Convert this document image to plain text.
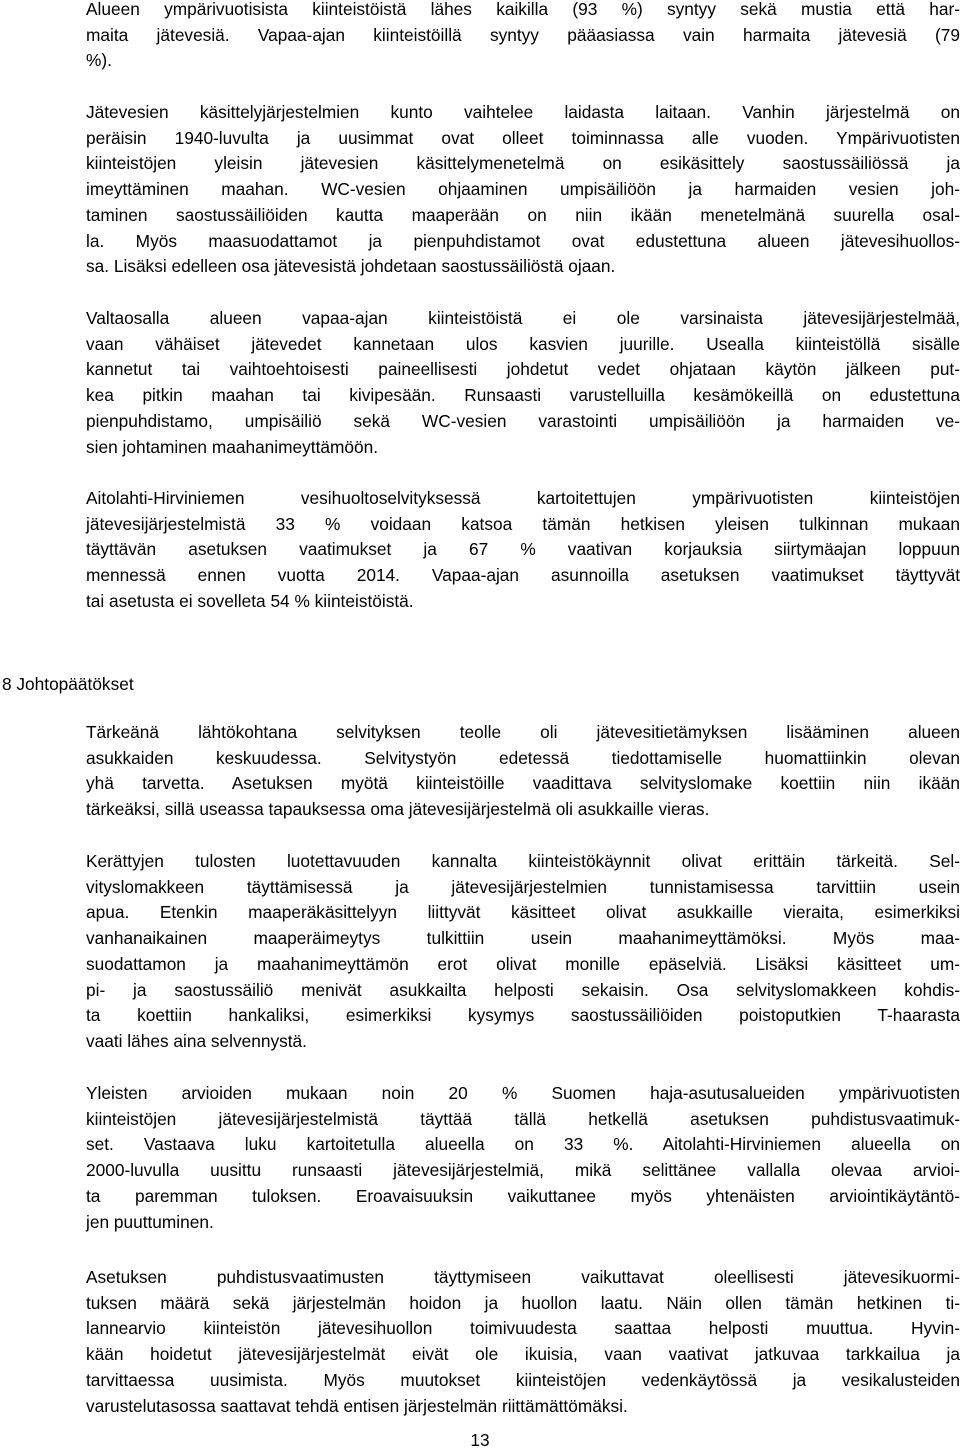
Alueen ympärivuotisista kiinteistöistä lähes kaikilla (93 %) syntyy sekä mustia että har-
maita jätevesiä. Vapaa-ajan kiinteistöillä syntyy pääasiassa vain harmaita jätevesiä (79
%).
Jätevesien käsittelyjärjestelmien kunto vaihtelee laidasta laitaan. Vanhin järjestelmä on
peräisin 1940-luvulta ja uusimmat ovat olleet toiminnassa alle vuoden. Ympärivuotisten
kiinteistöjen yleisin jätevesien käsittelymenetelmä on esikäsittely saostussäiliössä ja
imeyttäminen maahan. WC-vesien ohjaaminen umpisäiliöön ja harmaiden vesien joh-
taminen saostussäiliöiden kautta maaperään on niin ikään menetelmänä suurella osal-
la. Myös maasuodattamot ja pienpuhdistamot ovat edustettuna alueen jätevesihuollos-
sa. Lisäksi edelleen osa jätevesistä johdetaan saostussäiliöstä ojaan.
Valtaosalla alueen vapaa-ajan kiinteistöistä ei ole varsinaista jätevesijärjestelmää,
vaan vähäiset jätevedet kannetaan ulos kasvien juurille. Usealla kiinteistöllä sisälle
kannetut tai vaihtoehtoisesti paineellisesti johdetut vedet ohjataan käytön jälkeen put-
kea pitkin maahan tai kivipesään. Runsaasti varustelluilla kesämökeillä on edustettuna
pienpuhdistamo, umpisäiliö sekä WC-vesien varastointi umpisäiliöön ja harmaiden ve-
sien johtaminen maahanimeyttämöön.
Aitolahti-Hirviniemen vesihuoltoselvityksessä kartoitettujen ympärivuotisten kiinteistöjen
jätevesijärjestelmistä 33 % voidaan katsoa tämän hetkisen yleisen tulkinnan mukaan
täyttävän asetuksen vaatimukset ja 67 % vaativan korjauksia siirtymäajan loppuun
mennessä ennen vuotta 2014. Vapaa-ajan asunnoilla asetuksen vaatimukset täyttyvät
tai asetusta ei sovelleta 54 % kiinteistöistä.
8 Johtopäätökset
Tärkeänä lähtökohtana selvityksen teolle oli jätevesitietämyksen lisääminen alueen
asukkaiden keskuudessa. Selvitystyön edetessä tiedottamiselle huomattiinkin olevan
yhä tarvetta. Asetuksen myötä kiinteistöille vaadittava selvityslomake koettiin niin ikään
tärkeäksi, sillä useassa tapauksessa oma jätevesijärjestelmä oli asukkaille vieras.
Kerättyjen tulosten luotettavuuden kannalta kiinteistökäynnit olivat erittäin tärkeitä. Sel-
vityslomakkeen täyttämisessä ja jätevesijärjestelmien tunnistamisessa tarvittiin usein
apua. Etenkin maaperäkäsittelyyn liittyvät käsitteet olivat asukkaille vieraita, esimerkiksi
vanhanaikainen maaperäimeytys tulkittiin usein maahanimeyttämöksi. Myös maa-
suodattamon ja maahanimeyttämön erot olivat monille epäselviä. Lisäksi käsitteet um-
pi- ja saostussäiliö menivät asukkailta helposti sekaisin. Osa selvityslomakkeen kohdis-
ta koettiin hankaliksi, esimerkiksi kysymys saostussäiliöiden poistoputkien T-haarasta
vaati lähes aina selvennystä.
Yleisten arvioiden mukaan noin 20 % Suomen haja-asutusalueiden ympärivuotisten
kiinteistöjen jätevesijärjestelmistä täyttää tällä hetkellä asetuksen puhdistusvaatimuk-
set. Vastaava luku kartoitetulla alueella on 33 %. Aitolahti-Hirviniemen alueella on
2000-luvulla uusittu runsaasti jätevesijärjestelmiä, mikä selittänee vallalla olevaa arvioi-
ta paremman tuloksen. Eroavaisuuksin vaikuttanee myös yhtenäisten arviointikäytäntö-
jen puuttuminen.
Asetuksen puhdistusvaatimusten täyttymiseen vaikuttavat oleellisesti jätevesikuormi-
tuksen määrä sekä järjestelmän hoidon ja huollon laatu. Näin ollen tämän hetkinen ti-
lannearvio kiinteistön jätevesihuollon toimivuudesta saattaa helposti muuttua. Hyvin-
kään hoidetut jätevesijärjestelmät eivät ole ikuisia, vaan vaativat jatkuvaa tarkkailua ja
tarvittaessa uusimista. Myös muutokset kiinteistöjen vedenkäytössä ja vesikalusteiden
varustelutasossa saattavat tehdä entisen järjestelmän riittämättömäksi.
13
